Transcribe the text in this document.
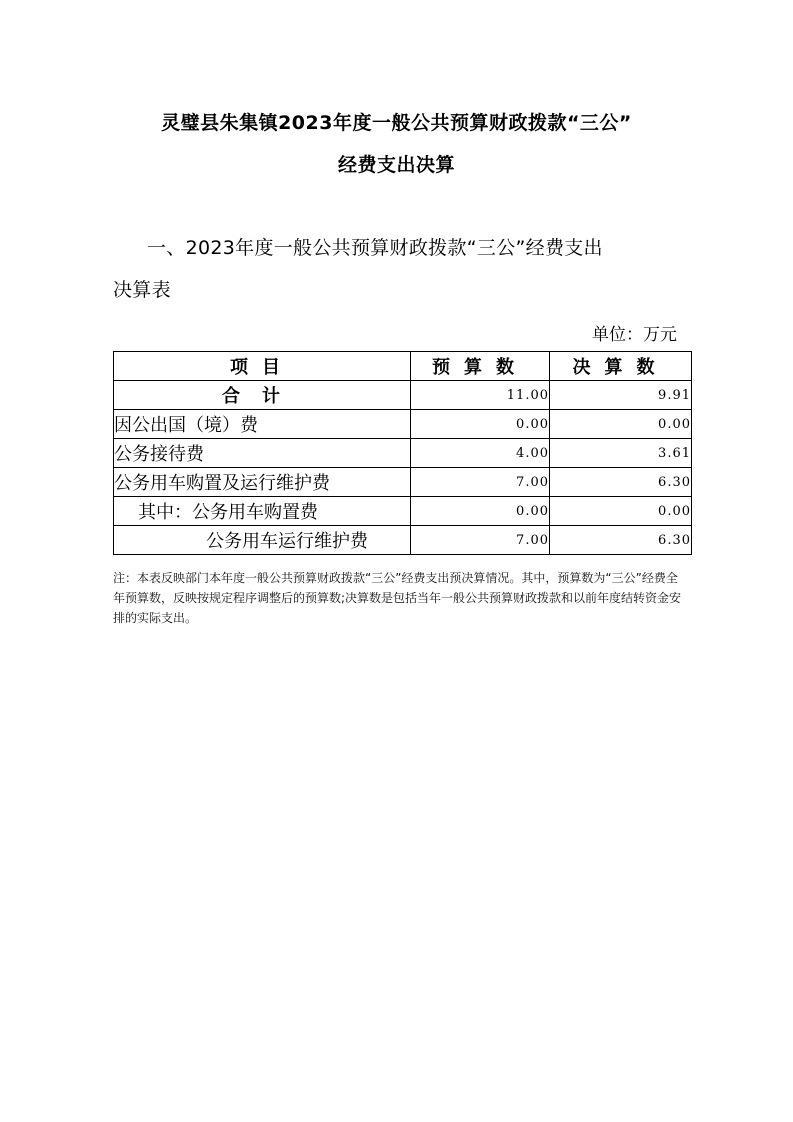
灵璧县朱集镇2023年度一般公共预算财政拨款“三公”
经费支出决算
一、2023年度一般公共预算财政拨款“三公”经费支出
决算表
单位：万元
项目	预算数	决算数
合计	11.00	9.91
因公出国（境）费	0.00	0.00
公务接待费	4.00	3.61
公务用车购置及运行维护费	7.00	6.30
其中：公务用车购置费	0.00	0.00
公务用车运行维护费	7.00	6.30
注：本表反映部门本年度一般公共预算财政拨款“三公”经费支出预决算情况。其中，预算数为“三公”经费全年预算数，反映按规定程序调整后的预算数;决算数是包括当年一般公共预算财政拨款和以前年度结转资金安排的实际支出。
